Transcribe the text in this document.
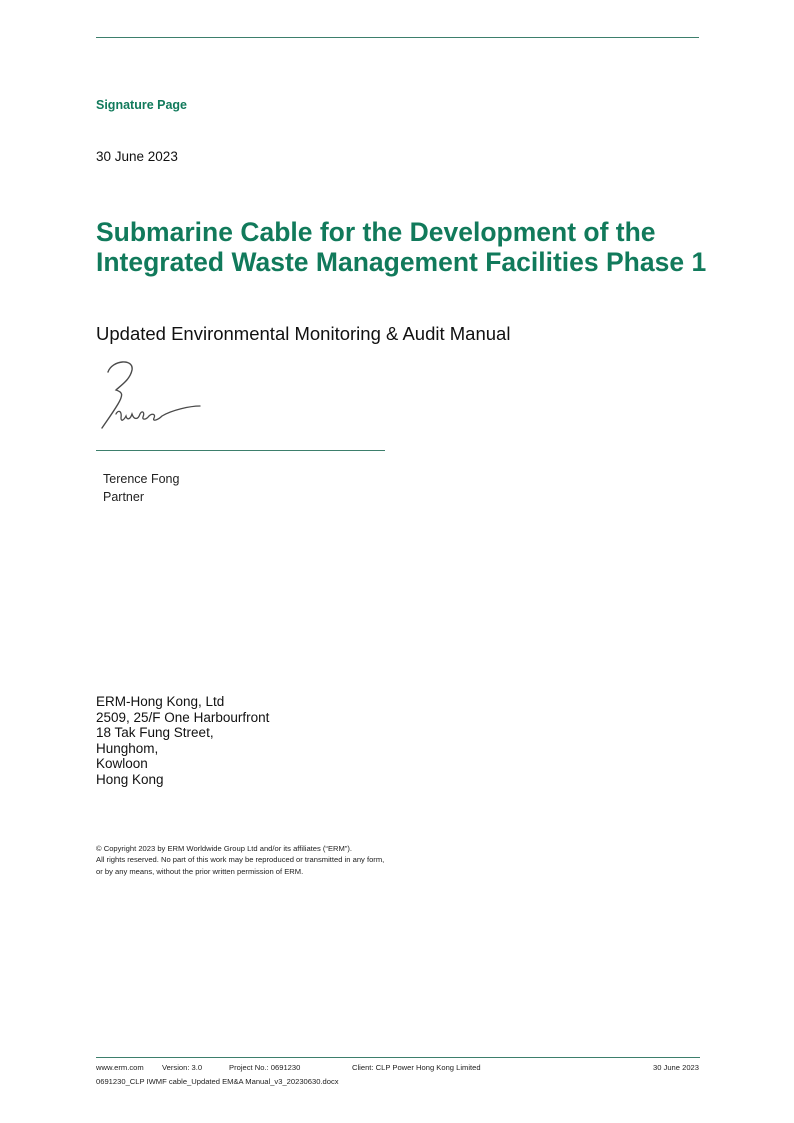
Signature Page
30 June 2023
Submarine Cable for the Development of the Integrated Waste Management Facilities Phase 1
Updated Environmental Monitoring & Audit Manual
Terence Fong
Partner
ERM-Hong Kong, Ltd
2509, 25/F One Harbourfront
18 Tak Fung Street,
Hunghom,
Kowloon
Hong Kong
© Copyright 2023 by ERM Worldwide Group Ltd and/or its affiliates (“ERM”).
All rights reserved. No part of this work may be reproduced or transmitted in any form,
or by any means, without the prior written permission of ERM.
www.erm.com Version: 3.0	Project No.: 0691230	Client: CLP Power Hong Kong Limited	30 June 2023
0691230_CLP IWMF cable_Updated EM&A Manual_v3_20230630.docx
